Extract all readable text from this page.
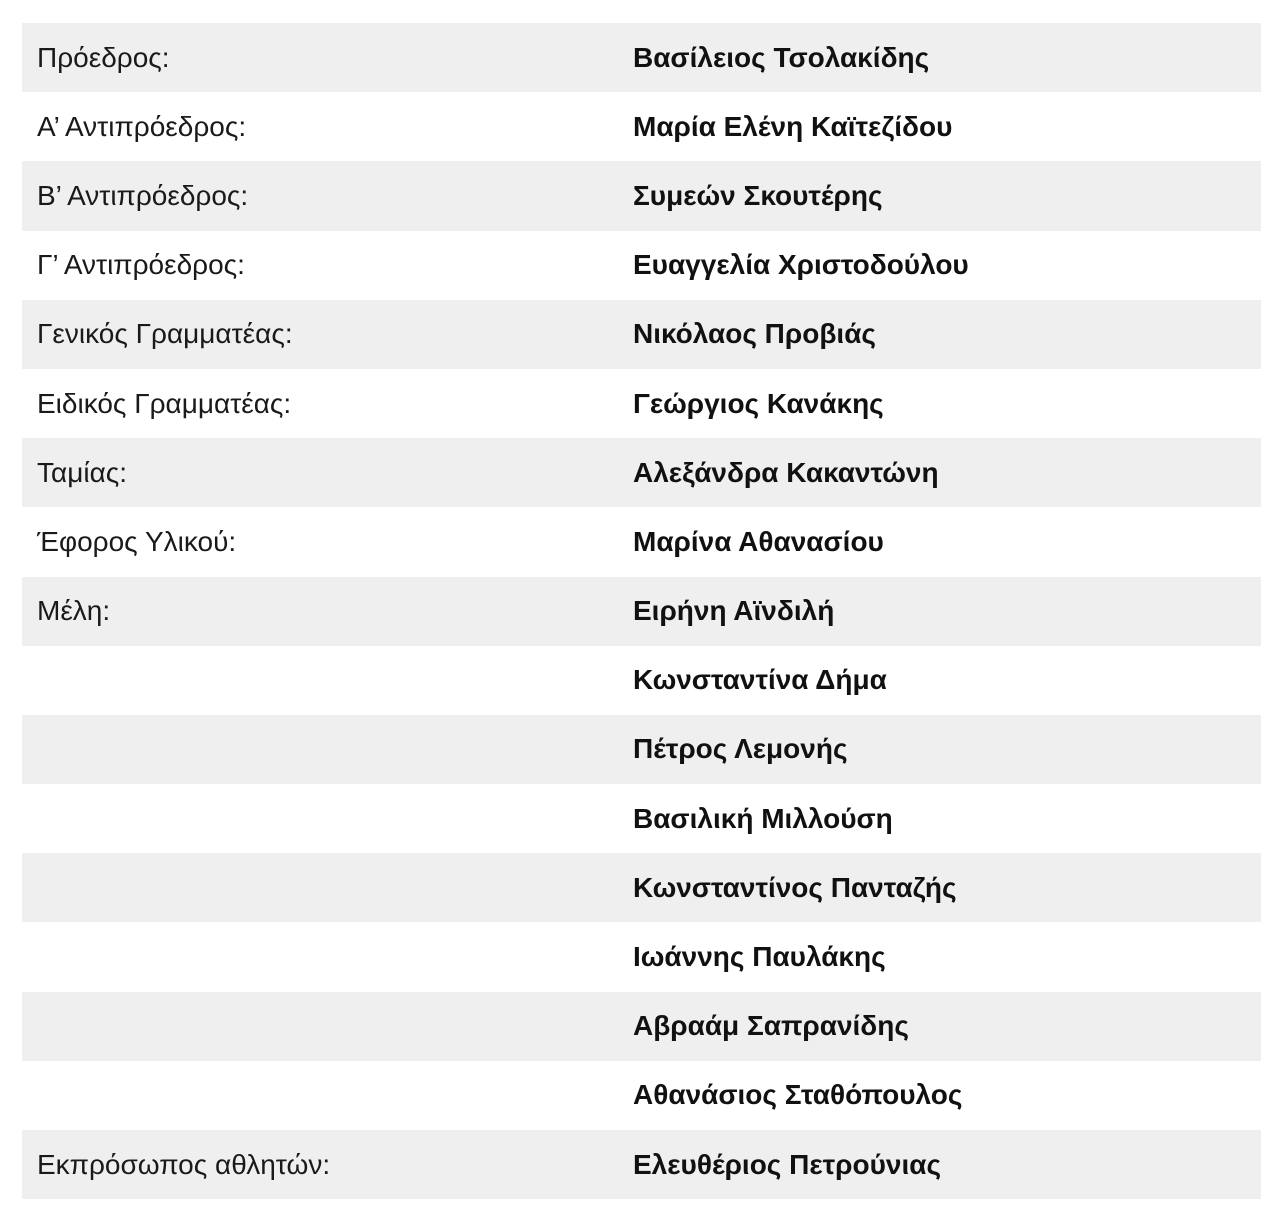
Πρόεδρος:	Βασίλειος Τσολακίδης
Α’ Αντιπρόεδρος:	Μαρία Ελένη Καϊτεζίδου
Β’ Αντιπρόεδρος:	Συμεών Σκουτέρης
Γ’ Αντιπρόεδρος:	Ευαγγελία Χριστοδούλου
Γενικός Γραμματέας:	Νικόλαος Προβιάς
Ειδικός Γραμματέας:	Γεώργιος Κανάκης
Ταμίας:	Αλεξάνδρα Κακαντώνη
Έφορος Υλικού:	Μαρίνα Αθανασίου
Μέλη:	Ειρήνη Αϊνδιλή
	Κωνσταντίνα Δήμα
	Πέτρος Λεμονής
	Βασιλική Μιλλούση
	Κωνσταντίνος Πανταζής
	Ιωάννης Παυλάκης
	Αβραάμ Σαπρανίδης
	Αθανάσιος Σταθόπουλος
Εκπρόσωπος αθλητών:	Ελευθέριος Πετρούνιας
